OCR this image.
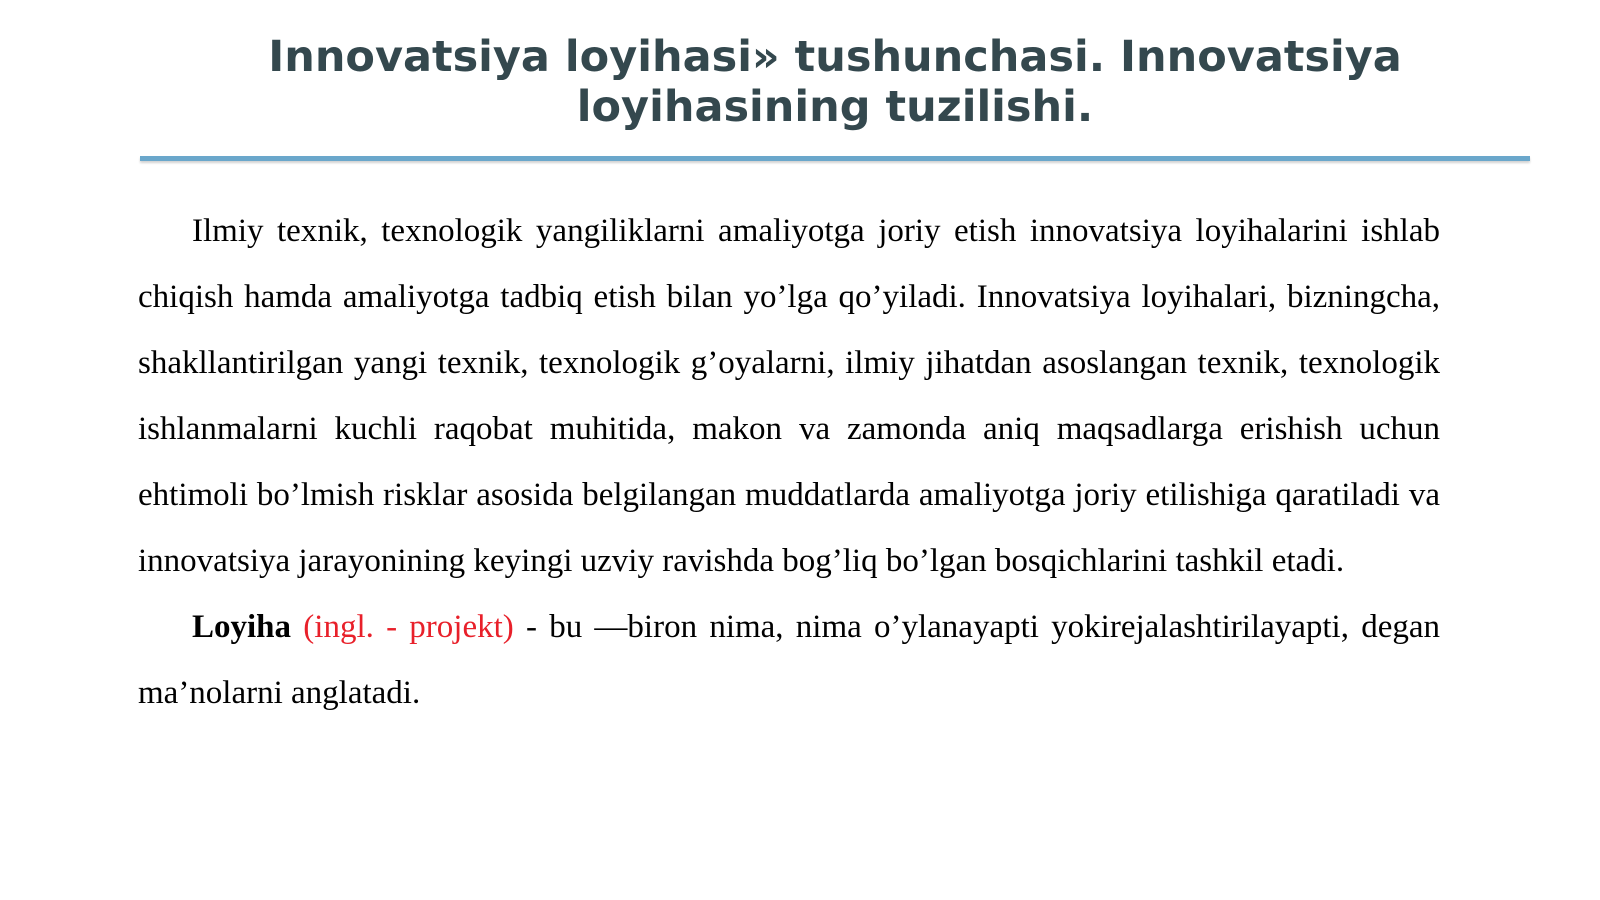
Innovatsiya loyihasi» tushunchasi. Innovatsiya
loyihasining tuzilishi.

Ilmiy texnik, texnologik yangiliklarni amaliyotga joriy etish innovatsiya loyihalarini ishlab chiqish hamda amaliyotga tadbiq etish bilan yo’lga qo’yiladi. Innovatsiya loyihalari, bizningcha, shakllantirilgan yangi texnik, texnologik g’oyalarni, ilmiy jihatdan asoslangan texnik, texnologik ishlanmalarni kuchli raqobat muhitida, makon va zamonda aniq maqsadlarga erishish uchun ehtimoli bo’lmish risklar asosida belgilangan muddatlarda amaliyotga joriy etilishiga qaratiladi va innovatsiya jarayonining keyingi uzviy ravishda bog’liq bo’lgan bosqichlarini tashkil etadi.

Loyiha (ingl. - projekt) - bu —biron nima, nima o’ylanayapti yokirejalashtirilayapti, degan ma’nolarni anglatadi.
